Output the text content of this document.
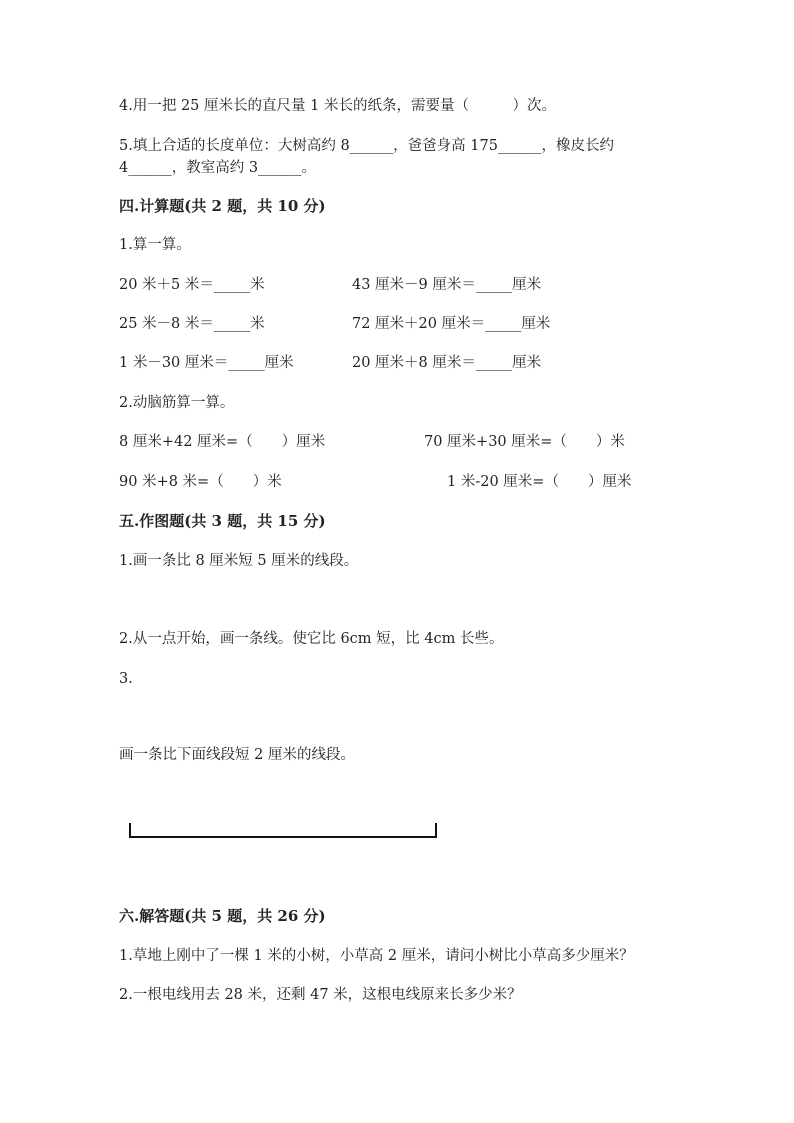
4.用一把 25 厘米长的直尺量 1 米长的纸条，需要量（　　　）次。
5.填上合适的长度单位：大树高约 8______，爸爸身高 175______，橡皮长约
4______，教室高约 3______。
四.计算题(共 2 题，共 10 分)
1.算一算。
20 米＋5 米＝_____米	43 厘米－9 厘米＝_____厘米
25 米－8 米＝_____米	72 厘米＋20 厘米＝_____厘米
1 米－30 厘米＝_____厘米	20 厘米＋8 厘米＝_____厘米
2.动脑筋算一算。
8 厘米+42 厘米=（　　）厘米	70 厘米+30 厘米=（　　）米
90 米+8 米=（　　）米	1 米-20 厘米=（　　）厘米
五.作图题(共 3 题，共 15 分)
1.画一条比 8 厘米短 5 厘米的线段。
2.从一点开始，画一条线。使它比 6cm 短，比 4cm 长些。
3.
画一条比下面线段短 2 厘米的线段。
六.解答题(共 5 题，共 26 分)
1.草地上刚中了一棵 1 米的小树，小草高 2 厘米，请问小树比小草高多少厘米？
2.一根电线用去 28 米，还剩 47 米，这根电线原来长多少米？
